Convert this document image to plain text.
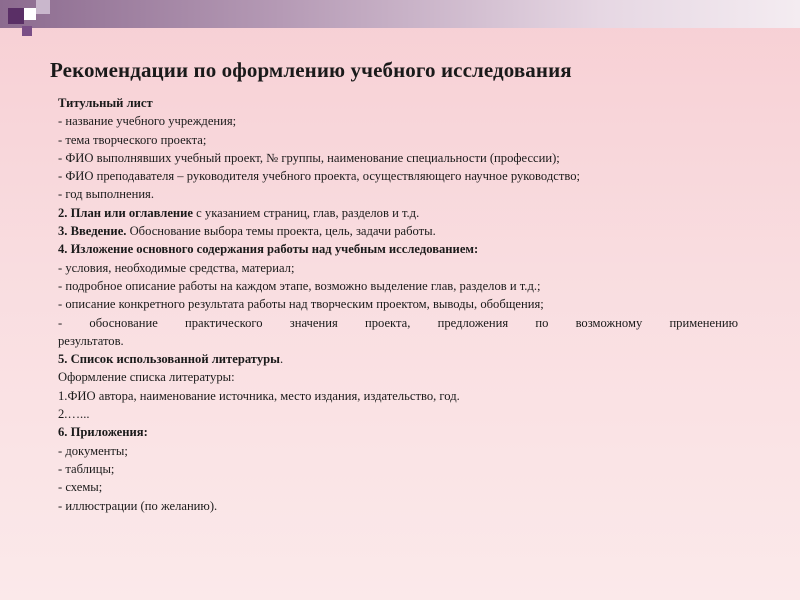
Рекомендации по оформлению учебного исследования
Титульный лист
- название учебного учреждения;
- тема творческого проекта;
- ФИО выполнявших учебный проект, № группы, наименование специальности (профессии);
- ФИО преподавателя – руководителя учебного проекта, осуществляющего научное руководство;
- год выполнения.
2. План или оглавление с указанием страниц, глав, разделов и т.д.
3. Введение. Обоснование выбора темы проекта, цель, задачи работы.
4. Изложение основного содержания работы над учебным исследованием:
- условия, необходимые средства, материал;
- подробное описание работы на каждом этапе, возможно выделение глав, разделов и т.д.;
- описание конкретного результата работы над творческим проектом, выводы, обобщения;
- обоснование практического значения проекта, предложения по возможному применению
результатов.
5. Список использованной литературы.
Оформление списка литературы:
1.ФИО автора, наименование источника, место издания, издательство, год.
2.…...
6. Приложения:
- документы;
- таблицы;
- схемы;
- иллюстрации (по желанию).
